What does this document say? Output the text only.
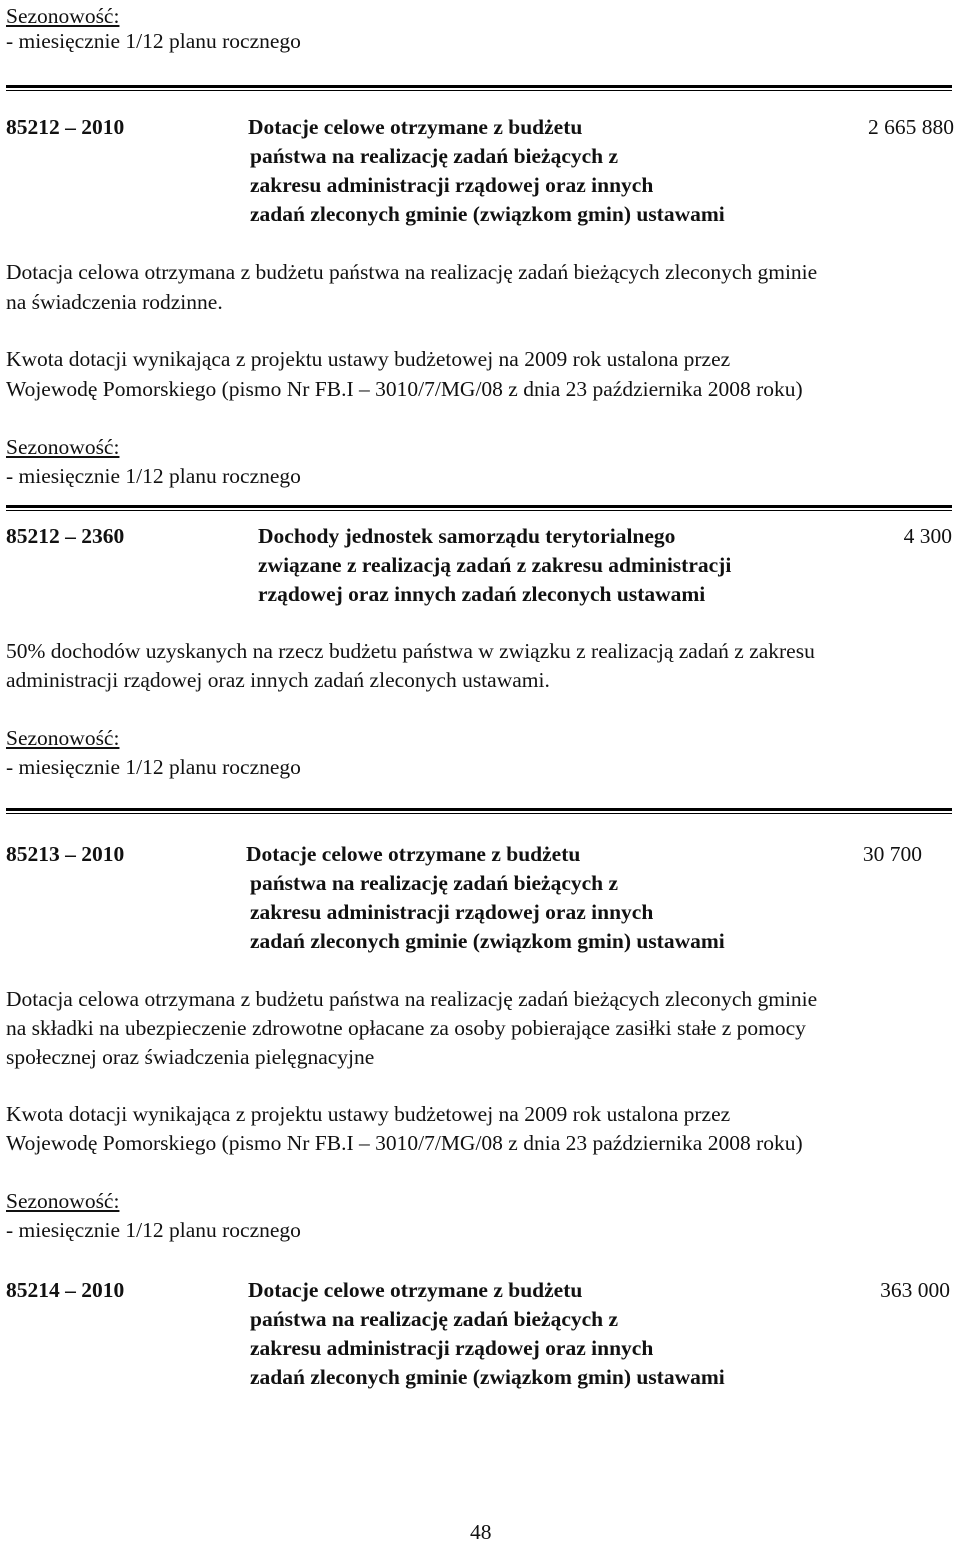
Sezonowość:
- miesięcznie 1/12 planu rocznego
85212 – 2010	Dotacje celowe otrzymane z budżetu
państwa na realizację zadań bieżących z
zakresu administracji rządowej oraz innych
zadań zleconych gminie (związkom gmin) ustawami
2 665 880
Dotacja celowa otrzymana z budżetu państwa na realizację zadań bieżących zleconych gminie
na świadczenia rodzinne.
Kwota dotacji wynikająca z projektu ustawy budżetowej na 2009 rok ustalona przez
Wojewodę Pomorskiego (pismo Nr FB.I – 3010/7/MG/08 z dnia 23 października 2008 roku)
Sezonowość:
- miesięcznie 1/12 planu rocznego
85212 – 2360	Dochody jednostek samorządu terytorialnego
związane z realizacją zadań z zakresu administracji
rządowej oraz innych zadań zleconych ustawami
4 300
50% dochodów uzyskanych na rzecz budżetu państwa w związku z realizacją zadań z zakresu
administracji rządowej oraz innych zadań zleconych ustawami.
Sezonowość:
- miesięcznie 1/12 planu rocznego
85213 – 2010	Dotacje celowe otrzymane z budżetu
państwa na realizację zadań bieżących z
zakresu administracji rządowej oraz innych
zadań zleconych gminie (związkom gmin) ustawami
30 700
Dotacja celowa otrzymana z budżetu państwa na realizację zadań bieżących zleconych gminie
na składki na ubezpieczenie zdrowotne opłacane za osoby pobierające zasiłki stałe z pomocy
społecznej oraz świadczenia pielęgnacyjne
Kwota dotacji wynikająca z projektu ustawy budżetowej na 2009 rok ustalona przez
Wojewodę Pomorskiego (pismo Nr FB.I – 3010/7/MG/08 z dnia 23 października 2008 roku)
Sezonowość:
- miesięcznie 1/12 planu rocznego
85214 – 2010	Dotacje celowe otrzymane z budżetu
państwa na realizację zadań bieżących z
zakresu administracji rządowej oraz innych
zadań zleconych gminie (związkom gmin) ustawami
363 000
48
